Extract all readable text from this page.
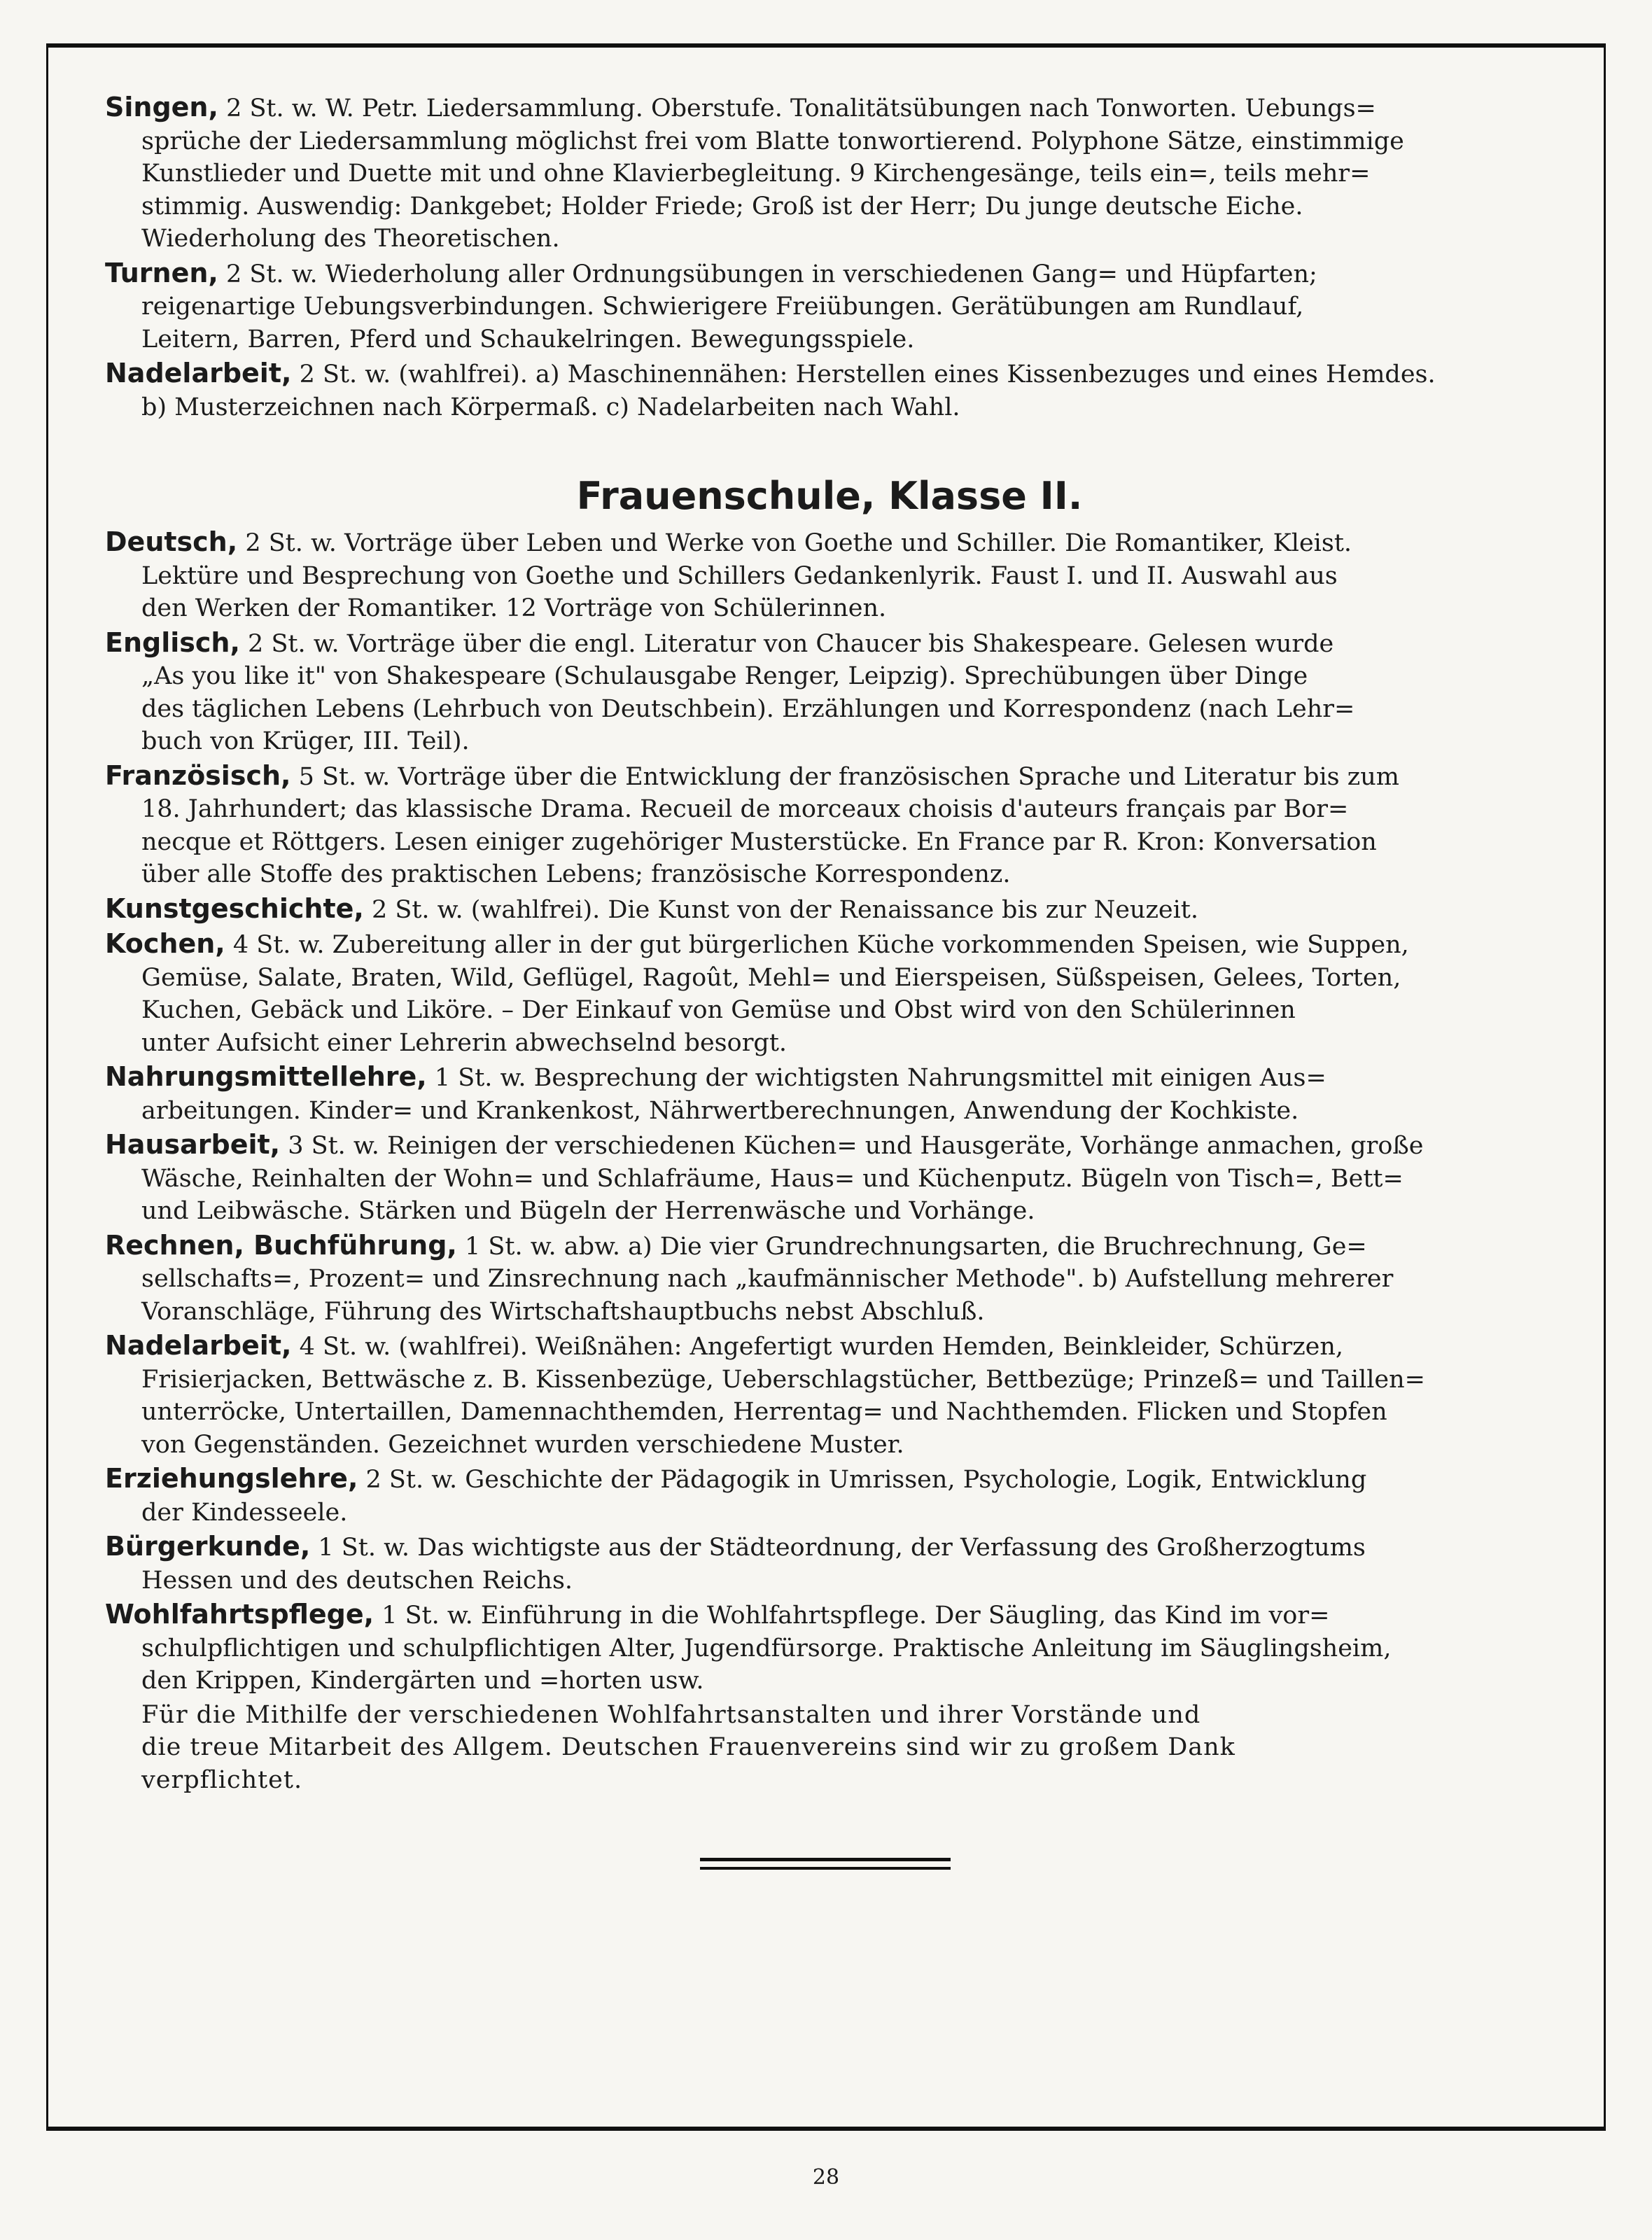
Singen, 2 St. w. W. Petr. Liedersammlung. Oberstufe. Tonalitätsübungen nach Tonworten. Uebungs=
sprüche der Liedersammlung möglichst frei vom Blatte tonwortierend. Polyphone Sätze, einstimmige
Kunstlieder und Duette mit und ohne Klavierbegleitung. 9 Kirchengesänge, teils ein=, teils mehr=
stimmig. Auswendig: Dankgebet; Holder Friede; Groß ist der Herr; Du junge deutsche Eiche.
Wiederholung des Theoretischen.
Turnen, 2 St. w. Wiederholung aller Ordnungsübungen in verschiedenen Gang= und Hüpfarten;
reigenartige Uebungsverbindungen. Schwierigere Freiübungen. Gerätübungen am Rundlauf,
Leitern, Barren, Pferd und Schaukelringen. Bewegungsspiele.
Nadelarbeit, 2 St. w. (wahlfrei). a) Maschinennähen: Herstellen eines Kissenbezuges und eines Hemdes.
b) Musterzeichnen nach Körpermaß. c) Nadelarbeiten nach Wahl.
Frauenschule, Klasse II.
Deutsch, 2 St. w. Vorträge über Leben und Werke von Goethe und Schiller. Die Romantiker, Kleist.
Lektüre und Besprechung von Goethe und Schillers Gedankenlyrik. Faust I. und II. Auswahl aus
den Werken der Romantiker. 12 Vorträge von Schülerinnen.
Englisch, 2 St. w. Vorträge über die engl. Literatur von Chaucer bis Shakespeare. Gelesen wurde
„As you like it" von Shakespeare (Schulausgabe Renger, Leipzig). Sprechübungen über Dinge
des täglichen Lebens (Lehrbuch von Deutschbein). Erzählungen und Korrespondenz (nach Lehr=
buch von Krüger, III. Teil).
Französisch, 5 St. w. Vorträge über die Entwicklung der französischen Sprache und Literatur bis zum
18. Jahrhundert; das klassische Drama. Recueil de morceaux choisis d'auteurs français par Bor=
necque et Röttgers. Lesen einiger zugehöriger Musterstücke. En France par R. Kron: Konversation
über alle Stoffe des praktischen Lebens; französische Korrespondenz.
Kunstgeschichte, 2 St. w. (wahlfrei). Die Kunst von der Renaissance bis zur Neuzeit.
Kochen, 4 St. w. Zubereitung aller in der gut bürgerlichen Küche vorkommenden Speisen, wie Suppen,
Gemüse, Salate, Braten, Wild, Geflügel, Ragoût, Mehl= und Eierspeisen, Süßspeisen, Gelees, Torten,
Kuchen, Gebäck und Liköre. – Der Einkauf von Gemüse und Obst wird von den Schülerinnen
unter Aufsicht einer Lehrerin abwechselnd besorgt.
Nahrungsmittellehre, 1 St. w. Besprechung der wichtigsten Nahrungsmittel mit einigen Aus=
arbeitungen. Kinder= und Krankenkost, Nährwertberechnungen, Anwendung der Kochkiste.
Hausarbeit, 3 St. w. Reinigen der verschiedenen Küchen= und Hausgeräte, Vorhänge anmachen, große
Wäsche, Reinhalten der Wohn= und Schlafräume, Haus= und Küchenputz. Bügeln von Tisch=, Bett=
und Leibwäsche. Stärken und Bügeln der Herrenwäsche und Vorhänge.
Rechnen, Buchführung, 1 St. w. abw. a) Die vier Grundrechnungsarten, die Bruchrechnung, Ge=
sellschafts=, Prozent= und Zinsrechnung nach „kaufmännischer Methode". b) Aufstellung mehrerer
Voranschläge, Führung des Wirtschaftshauptbuchs nebst Abschluß.
Nadelarbeit, 4 St. w. (wahlfrei). Weißnähen: Angefertigt wurden Hemden, Beinkleider, Schürzen,
Frisierjacken, Bettwäsche z. B. Kissenbezüge, Ueberschlagstücher, Bettbezüge; Prinzeß= und Taillen=
unterröcke, Untertaillen, Damennachthemden, Herrentag= und Nachthemden. Flicken und Stopfen
von Gegenständen. Gezeichnet wurden verschiedene Muster.
Erziehungslehre, 2 St. w. Geschichte der Pädagogik in Umrissen, Psychologie, Logik, Entwicklung
der Kindesseele.
Bürgerkunde, 1 St. w. Das wichtigste aus der Städteordnung, der Verfassung des Großherzogtums
Hessen und des deutschen Reichs.
Wohlfahrtspflege, 1 St. w. Einführung in die Wohlfahrtspflege. Der Säugling, das Kind im vor=
schulpflichtigen und schulpflichtigen Alter, Jugendfürsorge. Praktische Anleitung im Säuglingsheim,
den Krippen, Kindergärten und =horten usw.
Für die Mithilfe der verschiedenen Wohlfahrtsanstalten und ihrer Vorstände und
die treue Mitarbeit des Allgem. Deutschen Frauenvereins sind wir zu großem Dank
verpflichtet.
28
